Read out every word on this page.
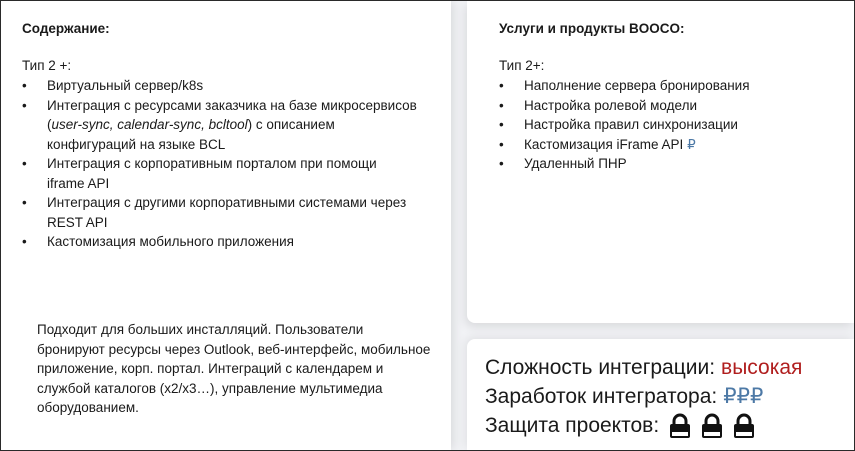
Содержание:
Тип 2 +:
• Виртуальный сервер/k8s
• Интеграция с ресурсами заказчика на базе микросервисов (user-sync, calendar-sync, bcltool) с описанием конфигураций на языке BCL
• Интеграция с корпоративным порталом при помощи iframe API
• Интеграция с другими корпоративными системами через REST API
• Кастомизация мобильного приложения

Подходит для больших инсталляций. Пользователи бронируют ресурсы через Outlook, веб-интерфейс, мобильное приложение, корп. портал. Интеграций с календарем и службой каталогов (x2/x3…), управление мультимедиа оборудованием.

Услуги и продукты BOOCO:
Тип 2+:
• Наполнение сервера бронирования
• Настройка ролевой модели
• Настройка правил синхронизации
• Кастомизация iFrame API ₽
• Удаленный ПНР
Сложность интеграции: высокая
Заработок интегратора: ₽₽₽
Защита проектов:
